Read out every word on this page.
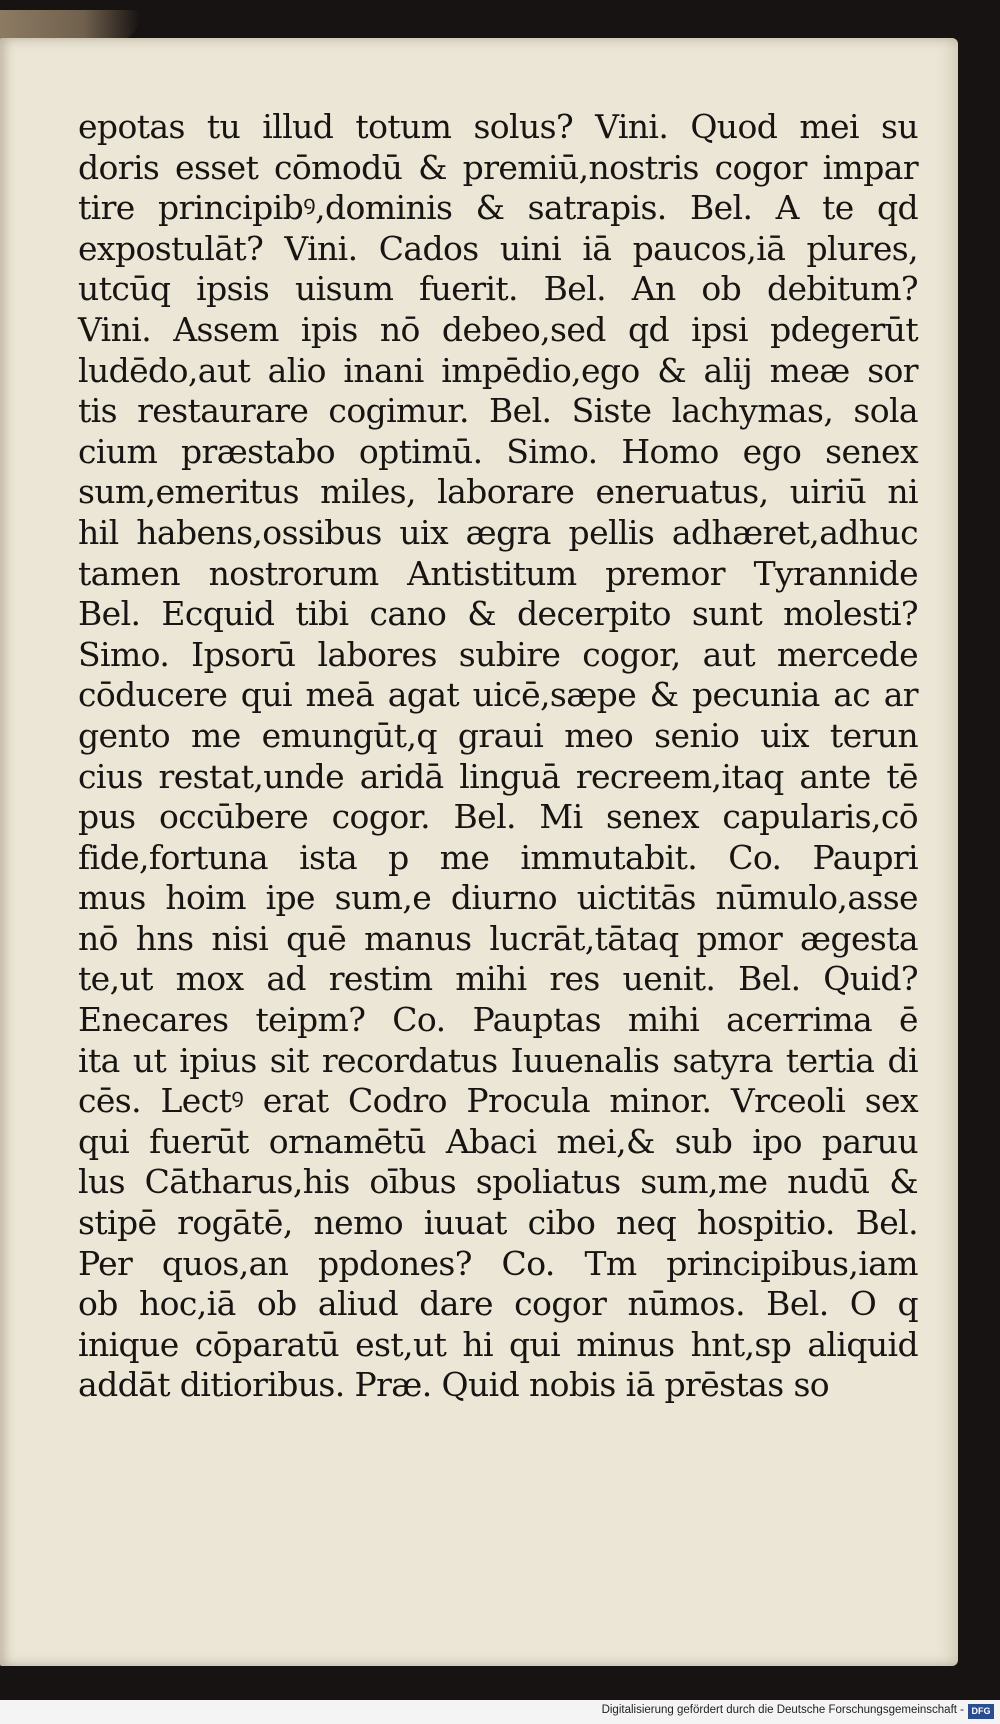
epotas tu illud totum solus? Vini. Quod mei su
doris esset cōmodū & premiū,nostris cogor impar
tire principibꝰ,dominis & satrapis. Bel. A te qd
expostulāt? Vini. Cados uini iā paucos,iā plures,
utcūq ipsis uisum fuerit. Bel. An ob debitum?
Vini. Assem ipis nō debeo,sed qd ipsi pdegerūt
ludēdo,aut alio inani impēdio,ego & alij meæ sor
tis restaurare cogimur. Bel. Siste lachymas, sola
cium præstabo optimū. Simo. Homo ego senex
sum,emeritus miles, laborare eneruatus, uiriū ni
hil habens,ossibus uix ægra pellis adhæret,adhuc
tamen nostrorum Antistitum premor Tyrannide
Bel. Ecquid tibi cano & decerpito sunt molesti?
Simo. Ipsorū labores subire cogor, aut mercede
cōducere qui meā agat uicē,sæpe & pecunia ac ar
gento me emungūt,q graui meo senio uix terun
cius restat,unde aridā linguā recreem,itaq ante tē
pus occūbere cogor. Bel. Mi senex capularis,cō
fide,fortuna ista p me immutabit. Co. Paupri
mus hoim ipe sum,e diurno uictitās nūmulo,asse
nō hns nisi quē manus lucrāt,tātaq pmor ægesta
te,ut mox ad restim mihi res uenit. Bel. Quid?
Enecares teipm? Co. Pauptas mihi acerrima ē
ita ut ipius sit recordatus Iuuenalis satyra tertia di
cēs. Lectꝰ erat Codro Procula minor. Vrceoli sex
qui fuerūt ornamētū Abaci mei,& sub ipo paruu
lus Cātharus,his oībus spoliatus sum,me nudū &
stipē rogātē, nemo iuuat cibo neq hospitio. Bel.
Per quos,an ppdones? Co. Tm principibus,iam
ob hoc,iā ob aliud dare cogor nūmos. Bel. O q
inique cōparatū est,ut hi qui minus hnt,sp aliquid
addāt ditioribus. Præ. Quid nobis iā prēstas so
Digitalisierung gefördert durch die Deutsche Forschungsgemeinschaft - DFG
